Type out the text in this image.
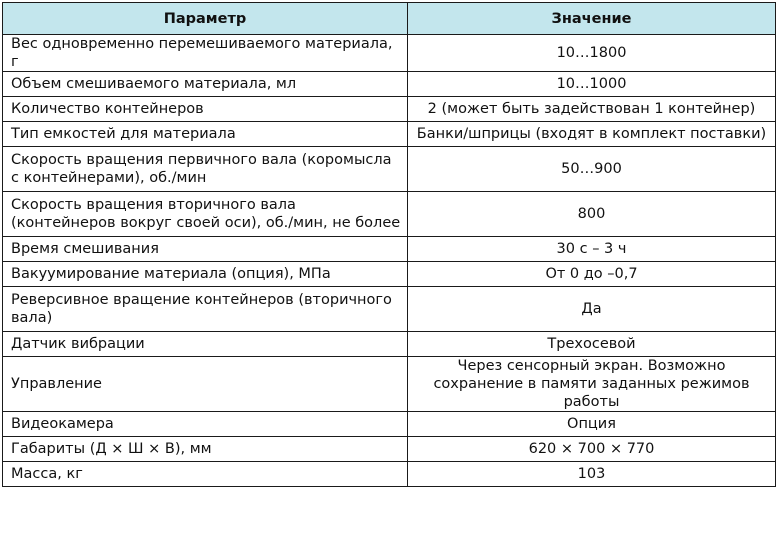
Параметр	Значение
Вес одновременно перемешиваемого материала, г	10…1800
Объем смешиваемого материала, мл	10…1000
Количество контейнеров	2 (может быть задействован 1 контейнер)
Тип емкостей для материала	Банки/шприцы (входят в комплект поставки)
Скорость вращения первичного вала (коромысла с контейнерами), об./мин	50…900
Скорость вращения вторичного вала (контейнеров вокруг своей оси), об./мин, не более	800
Время смешивания	30 с – 3 ч
Вакуумирование материала (опция), МПа	От 0 до –0,7
Реверсивное вращение контейнеров (вторичного вала)	Да
Датчик вибрации	Трехосевой
Управление	Через сенсорный экран. Возможно сохранение в памяти заданных режимов работы
Видеокамера	Опция
Габариты (Д × Ш × В), мм	620 × 700 × 770
Масса, кг	103
